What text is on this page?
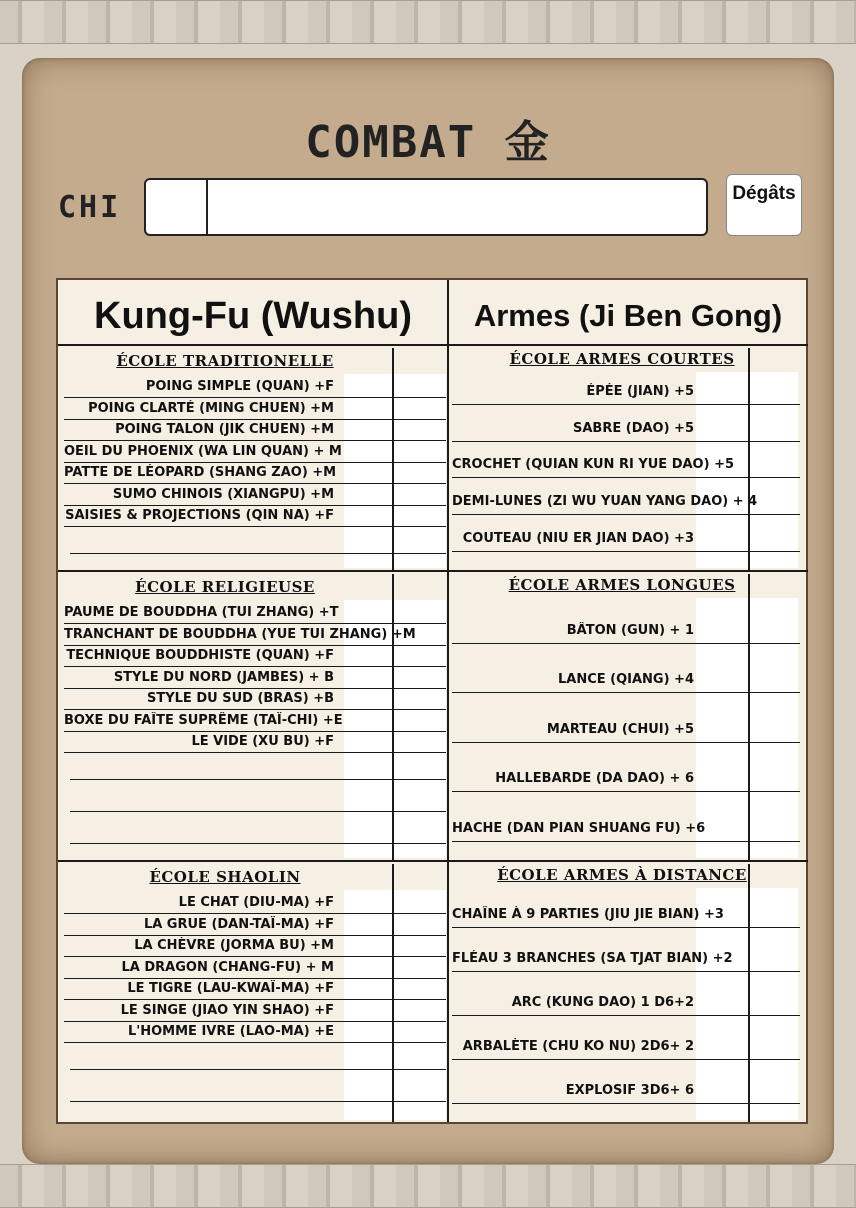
COMBAT 金
CHI	Dégâts
Kung-Fu (Wushu)	Armes (Ji Ben Gong)
ÉCOLE TRADITIONELLE
POING SIMPLE (QUAN) +F
POING CLARTÉ (MING CHUEN) +M
POING TALON (JIK CHUEN) +M
OEIL DU PHOENIX (WA LIN QUAN) + M
PATTE DE LÉOPARD (SHANG ZAO) +M
SUMO CHINOIS (XIANGPU) +M
SAISIES & PROJECTIONS (QIN NA) +F
ÉCOLE RELIGIEUSE
PAUME DE BOUDDHA (TUI ZHANG) +T
TRANCHANT DE BOUDDHA (YUE TUI ZHANG) +M
TECHNIQUE BOUDDHISTE (QUAN) +F
STYLE DU NORD (JAMBES) + B
STYLE DU SUD (BRAS) +B
BOXE DU FAÎTE SUPRÊME (TAÏ-CHI) +E
LE VIDE (XU BU) +F
ÉCOLE SHAOLIN
LE CHAT (DIU-MA) +F
LA GRUE (DAN-TAÏ-MA) +F
LA CHÈVRE (JORMA BU) +M
LA DRAGON (CHANG-FU) + M
LE TIGRE (LAU-KWAÏ-MA) +F
LE SINGE (JIAO YIN SHAO) +F
L'HOMME IVRE (LAO-MA) +E
ÉCOLE ARMES COURTES
ÉPÉE (JIAN) +5
SABRE (DAO) +5
CROCHET (QUIAN KUN RI YUE DAO) +5
DEMI-LUNES (ZI WU YUAN YANG DAO) + 4
COUTEAU (NIU ER JIAN DAO) +3
ÉCOLE ARMES LONGUES
BÂTON (GUN) + 1
LANCE (QIANG) +4
MARTEAU (CHUI) +5
HALLEBARDE (DA DAO) + 6
HACHE (DAN PIAN SHUANG FU) +6
ÉCOLE ARMES À DISTANCE
CHAÎNE À 9 PARTIES (JIU JIE BIAN) +3
FLÉAU 3 BRANCHES (SA TJAT BIAN) +2
ARC (KUNG DAO) 1 D6+2
ARBALÈTE (CHU KO NU) 2D6+ 2
EXPLOSIF 3D6+ 6
